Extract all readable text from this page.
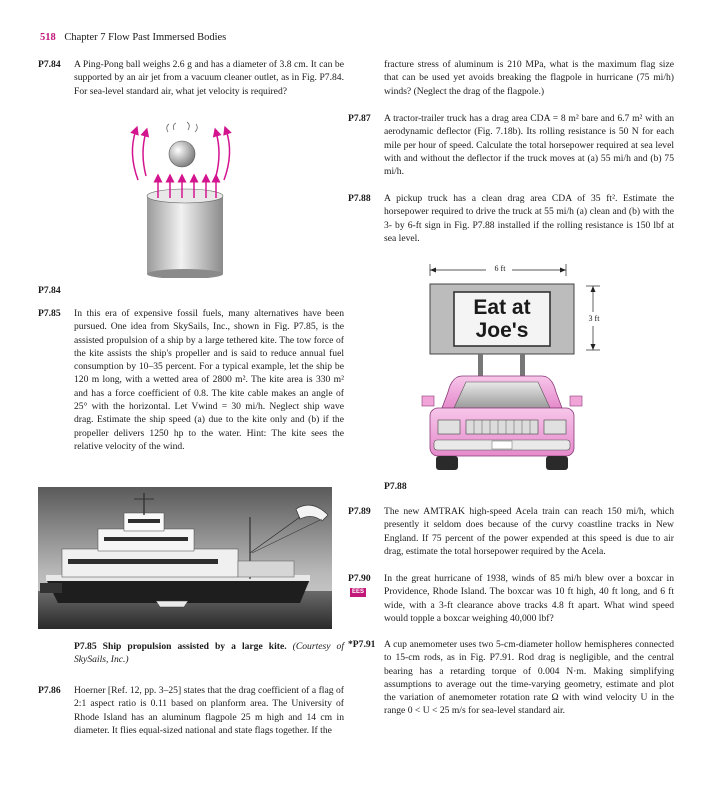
518 Chapter 7 Flow Past Immersed Bodies
P7.84 A Ping-Pong ball weighs 2.6 g and has a diameter of 3.8 cm. It can be supported by an air jet from a vacuum cleaner outlet, as in Fig. P7.84. For sea-level standard air, what jet velocity is required?
P7.84
P7.85 In this era of expensive fossil fuels, many alternatives have been pursued. One idea from SkySails, Inc., shown in Fig. P7.85, is the assisted propulsion of a ship by a large tethered kite. The tow force of the kite assists the ship's propeller and is said to reduce annual fuel consumption by 10–35 percent. For a typical example, let the ship be 120 m long, with a wetted area of 2800 m². The kite area is 330 m² and has a force coefficient of 0.8. The kite cable makes an angle of 25° with the horizontal. Let Vwind = 30 mi/h. Neglect ship wave drag. Estimate the ship speed (a) due to the kite only and (b) if the propeller delivers 1250 hp to the water. Hint: The kite sees the relative velocity of the wind.
P7.85 Ship propulsion assisted by a large kite. (Courtesy of SkySails, Inc.)
P7.86 Hoerner [Ref. 12, pp. 3–25] states that the drag coefficient of a flag of 2:1 aspect ratio is 0.11 based on planform area. The University of Rhode Island has an aluminum flagpole 25 m high and 14 cm in diameter. It flies equal-sized national and state flags together. If the
fracture stress of aluminum is 210 MPa, what is the maximum flag size that can be used yet avoids breaking the flagpole in hurricane (75 mi/h) winds? (Neglect the drag of the flagpole.)
P7.87 A tractor-trailer truck has a drag area CDA = 8 m² bare and 6.7 m² with an aerodynamic deflector (Fig. 7.18b). Its rolling resistance is 50 N for each mile per hour of speed. Calculate the total horsepower required at sea level with and without the deflector if the truck moves at (a) 55 mi/h and (b) 75 mi/h.
P7.88 A pickup truck has a clean drag area CDA of 35 ft². Estimate the horsepower required to drive the truck at 55 mi/h (a) clean and (b) with the 3- by 6-ft sign in Fig. P7.88 installed if the rolling resistance is 150 lbf at sea level.
6 ft
3 ft
Eat at
Joe's
P7.88
P7.89 The new AMTRAK high-speed Acela train can reach 150 mi/h, which presently it seldom does because of the curvy coastline tracks in New England. If 75 percent of the power expended at this speed is due to air drag, estimate the total horsepower required by the Acela.
P7.90
EES
In the great hurricane of 1938, winds of 85 mi/h blew over a boxcar in Providence, Rhode Island. The boxcar was 10 ft high, 40 ft long, and 6 ft wide, with a 3-ft clearance above tracks 4.8 ft apart. What wind speed would topple a boxcar weighing 40,000 lbf?
*P7.91 A cup anemometer uses two 5-cm-diameter hollow hemispheres connected to 15-cm rods, as in Fig. P7.91. Rod drag is negligible, and the central bearing has a retarding torque of 0.004 N·m. Making simplifying assumptions to average out the time-varying geometry, estimate and plot the variation of anemometer rotation rate Ω with wind velocity U in the range 0 < U < 25 m/s for sea-level standard air.
